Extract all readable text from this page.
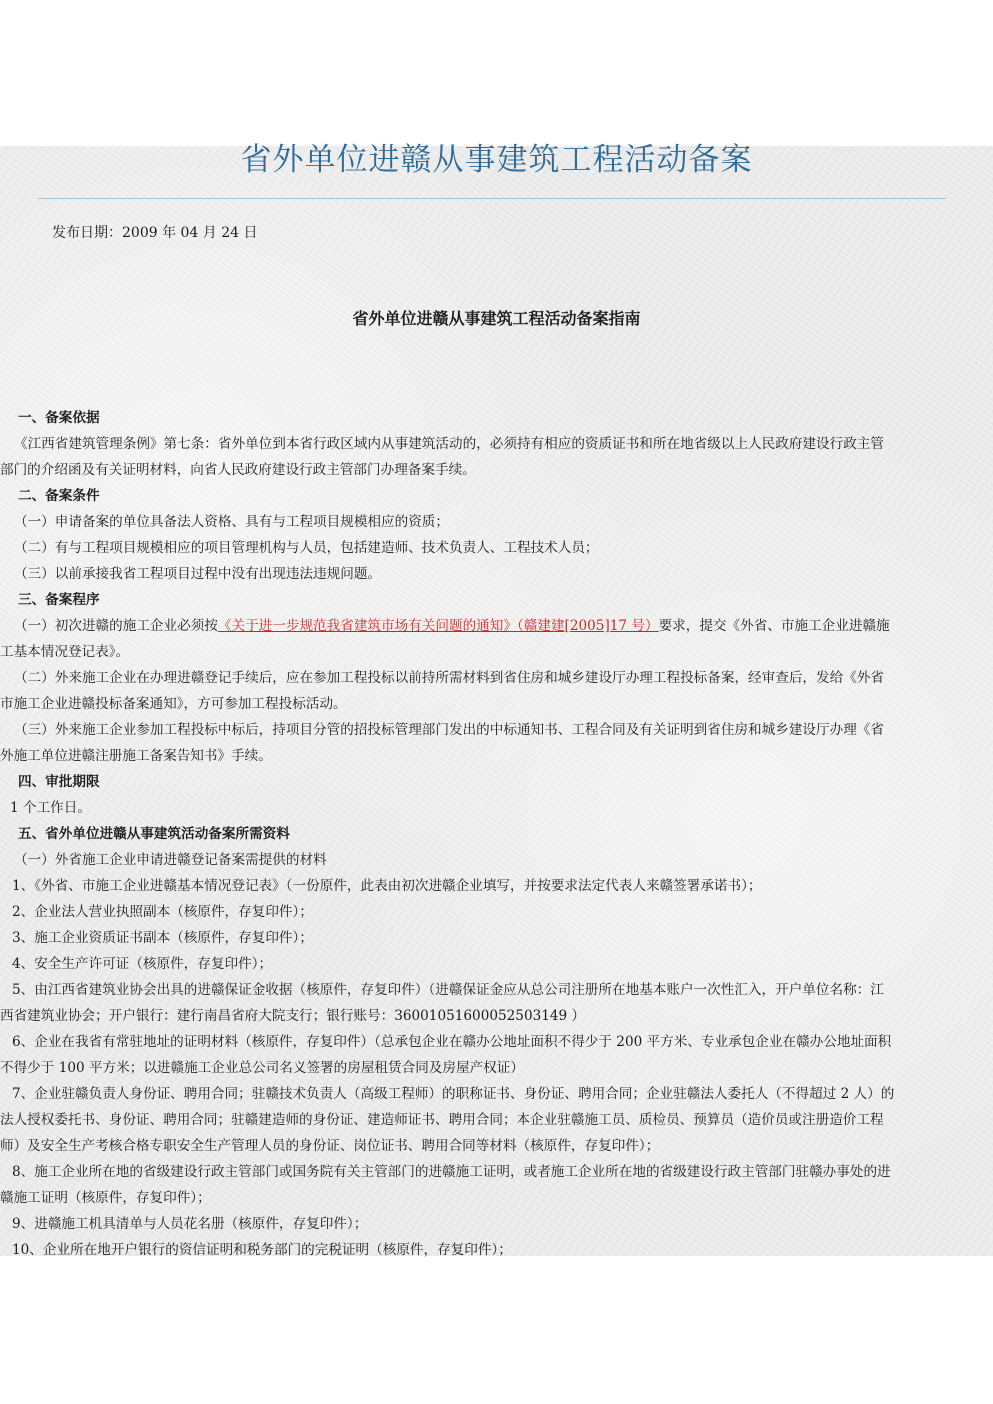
省外单位进赣从事建筑工程活动备案
发布日期：2009 年 04 月 24 日
省外单位进赣从事建筑工程活动备案指南
一、备案依据
《江西省建筑管理条例》第七条：省外单位到本省行政区域内从事建筑活动的，必须持有相应的资质证书和所在地省级以上人民政府建设行政主管
部门的介绍函及有关证明材料，向省人民政府建设行政主管部门办理备案手续。
二、备案条件
（一）申请备案的单位具备法人资格、具有与工程项目规模相应的资质；
（二）有与工程项目规模相应的项目管理机构与人员，包括建造师、技术负责人、工程技术人员；
（三）以前承接我省工程项目过程中没有出现违法违规问题。
三、备案程序
（一）初次进赣的施工企业必须按《关于进一步规范我省建筑市场有关问题的通知》（赣建建[2005]17 号）要求，提交《外省、市施工企业进赣施
工基本情况登记表》。
（二）外来施工企业在办理进赣登记手续后，应在参加工程投标以前持所需材料到省住房和城乡建设厅办理工程投标备案，经审查后，发给《外省
市施工企业进赣投标备案通知》，方可参加工程投标活动。
（三）外来施工企业参加工程投标中标后，持项目分管的招投标管理部门发出的中标通知书、工程合同及有关证明到省住房和城乡建设厅办理《省
外施工单位进赣注册施工备案告知书》手续。
四、审批期限
1 个工作日。
五、省外单位进赣从事建筑活动备案所需资料
（一）外省施工企业申请进赣登记备案需提供的材料
1、《外省、市施工企业进赣基本情况登记表》（一份原件，此表由初次进赣企业填写，并按要求法定代表人来赣签署承诺书）；
2、企业法人营业执照副本（核原件，存复印件）；
3、施工企业资质证书副本（核原件，存复印件）；
4、安全生产许可证（核原件，存复印件）；
5、由江西省建筑业协会出具的进赣保证金收据（核原件，存复印件）（进赣保证金应从总公司注册所在地基本账户一次性汇入，开户单位名称：江
西省建筑业协会；开户银行：建行南昌省府大院支行；银行账号：36001051600052503149 ）
6、企业在我省有常驻地址的证明材料（核原件，存复印件）（总承包企业在赣办公地址面积不得少于 200 平方米、专业承包企业在赣办公地址面积
不得少于 100 平方米；以进赣施工企业总公司名义签署的房屋租赁合同及房屋产权证）
7、企业驻赣负责人身份证、聘用合同；驻赣技术负责人（高级工程师）的职称证书、身份证、聘用合同；企业驻赣法人委托人（不得超过 2 人）的
法人授权委托书、身份证、聘用合同；驻赣建造师的身份证、建造师证书、聘用合同；本企业驻赣施工员、质检员、预算员（造价员或注册造价工程
师）及安全生产考核合格专职安全生产管理人员的身份证、岗位证书、聘用合同等材料（核原件，存复印件）；
8、施工企业所在地的省级建设行政主管部门或国务院有关主管部门的进赣施工证明，或者施工企业所在地的省级建设行政主管部门驻赣办事处的进
赣施工证明（核原件，存复印件）；
9、进赣施工机具清单与人员花名册（核原件，存复印件）；
10、企业所在地开户银行的资信证明和税务部门的完税证明（核原件，存复印件）；
